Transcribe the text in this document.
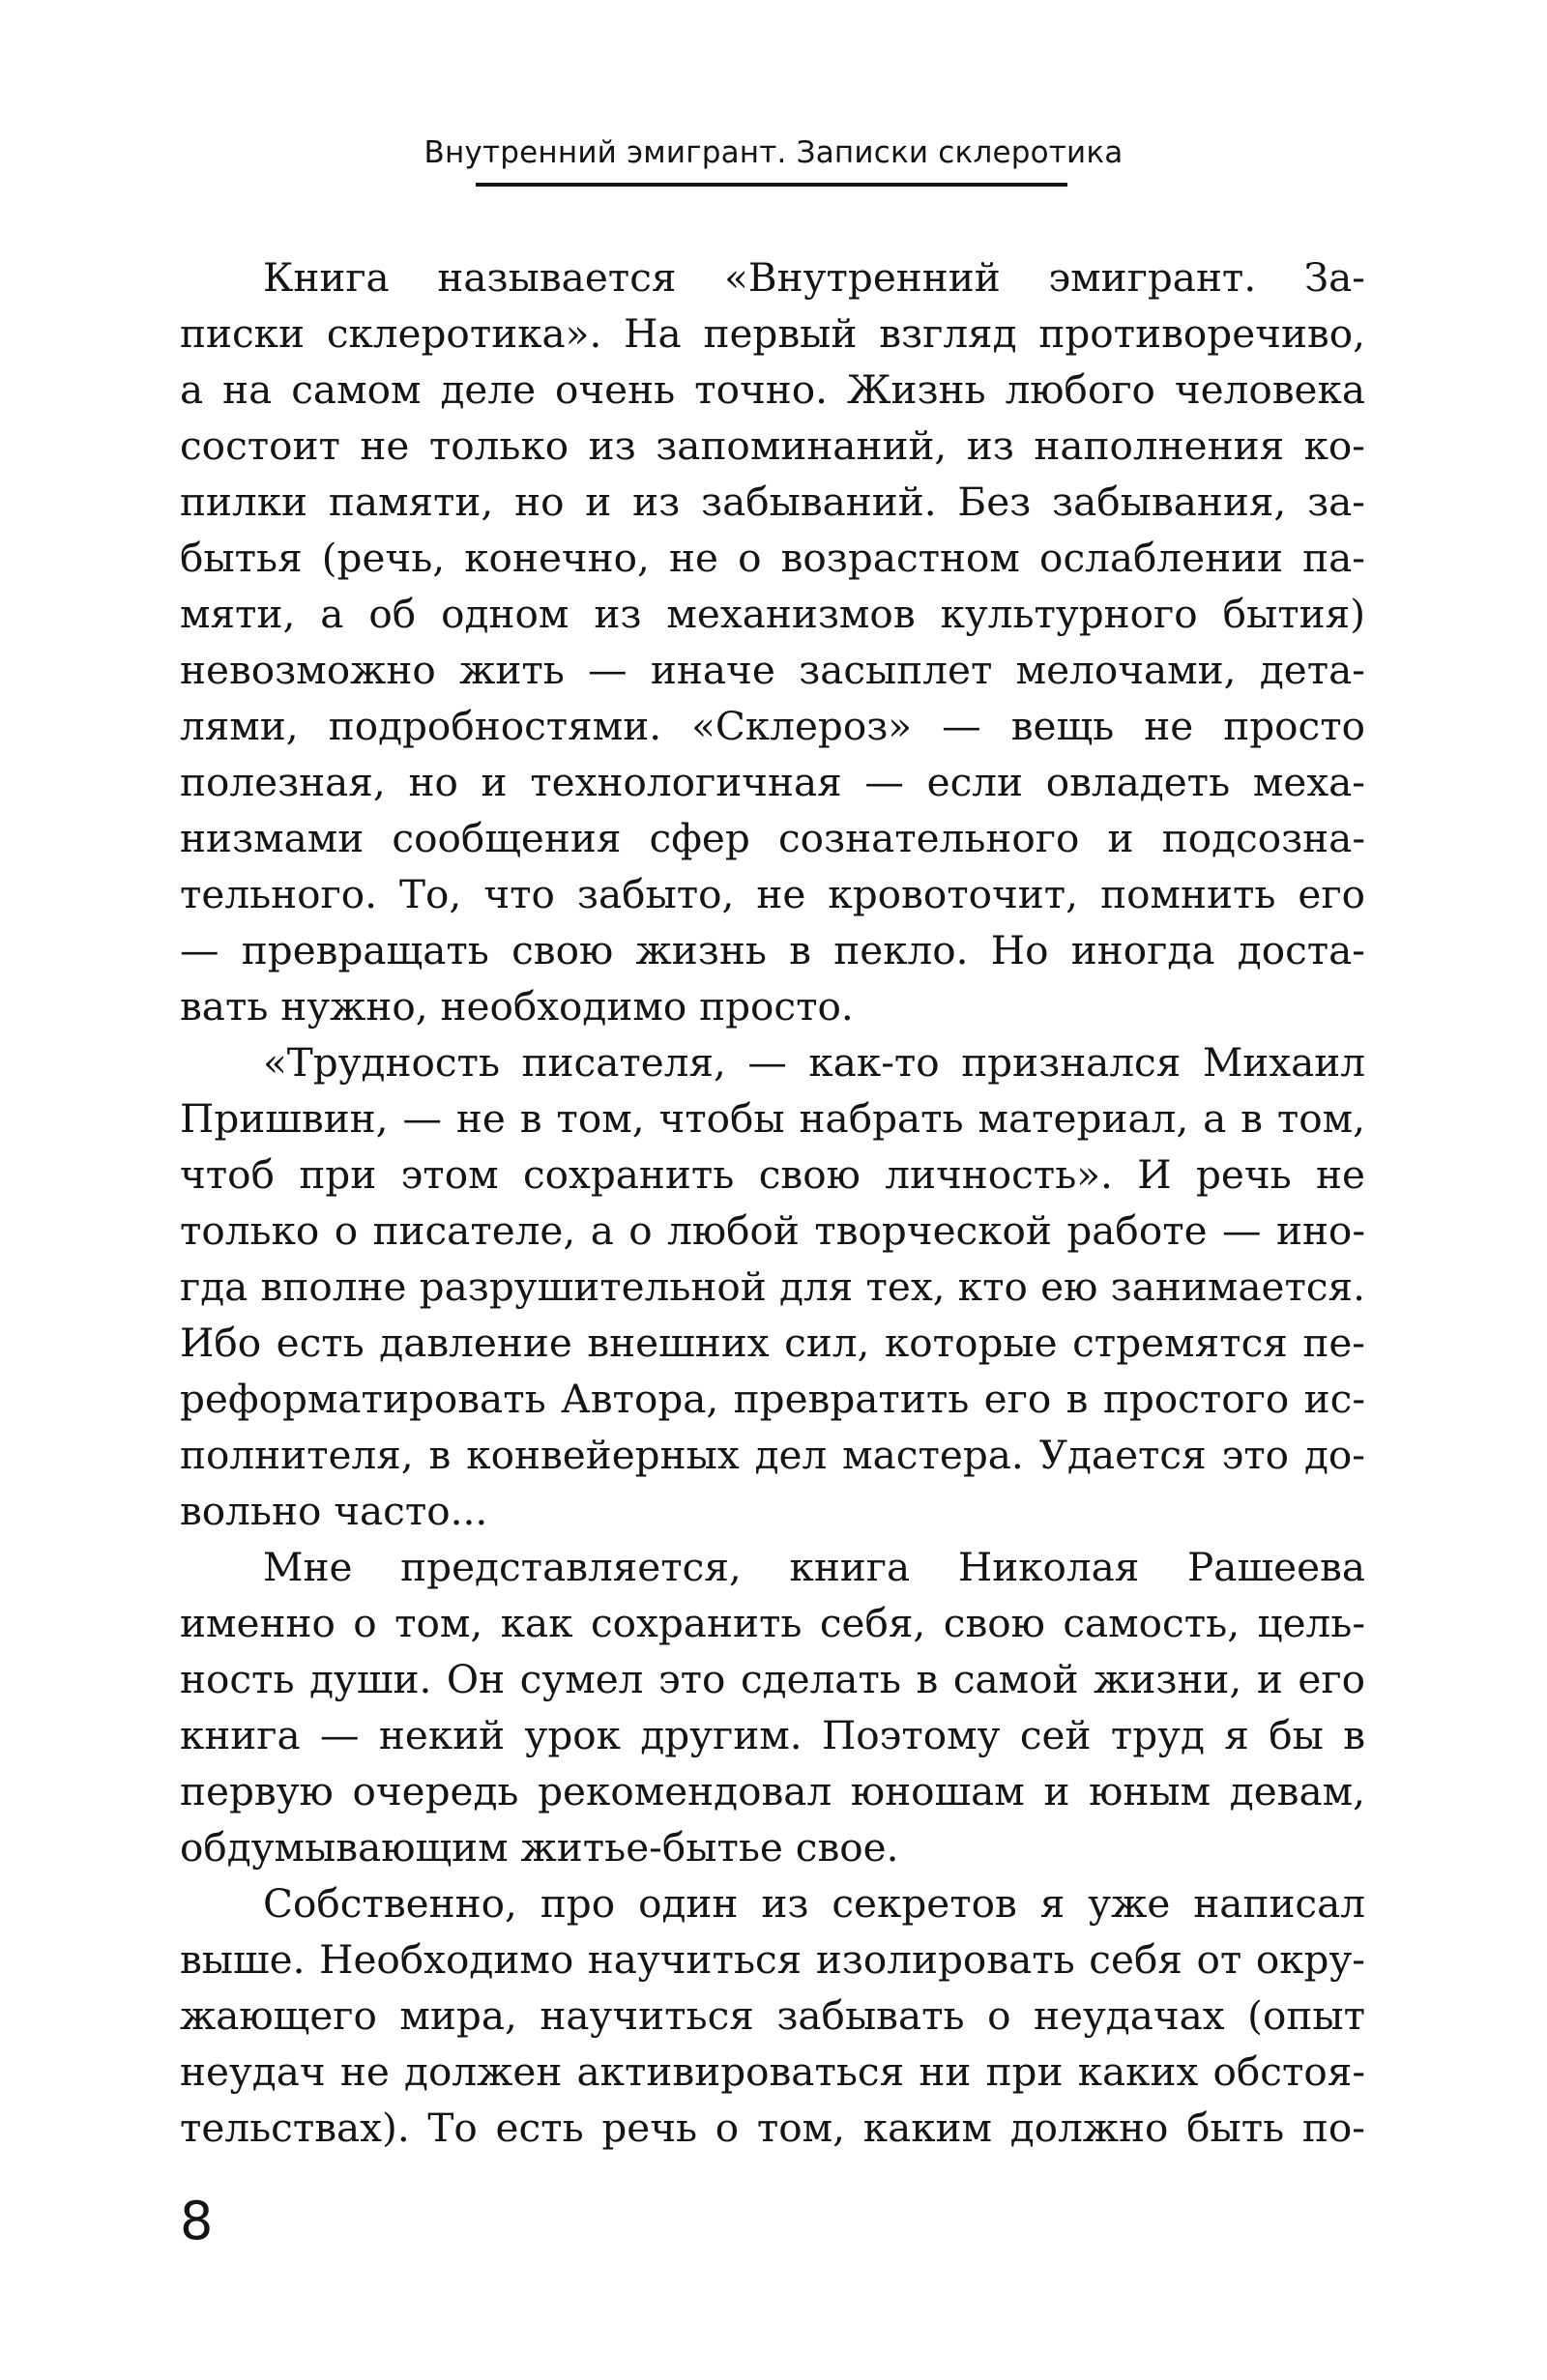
Внутренний эмигрант. Записки склеротика
Книга называется «Внутренний эмигрант. За-
писки склеротика». На первый взгляд противоречиво,
а на самом деле очень точно. Жизнь любого человека
состоит не только из запоминаний, из наполнения ко-
пилки памяти, но и из забываний. Без забывания, за-
бытья (речь, конечно, не о возрастном ослаблении па-
мяти, а об одном из механизмов культурного бытия)
невозможно жить — иначе засыплет мелочами, дета-
лями, подробностями. «Склероз» — вещь не просто
полезная, но и технологичная — если овладеть меха-
низмами сообщения сфер сознательного и подсозна-
тельного. То, что забыто, не кровоточит, помнить его
— превращать свою жизнь в пекло. Но иногда доста-
вать нужно, необходимо просто.
«Трудность писателя, — как-то признался Михаил
Пришвин, — не в том, чтобы набрать материал, а в том,
чтоб при этом сохранить свою личность». И речь не
только о писателе, а о любой творческой работе — ино-
гда вполне разрушительной для тех, кто ею занимается.
Ибо есть давление внешних сил, которые стремятся пе-
реформатировать Автора, превратить его в простого ис-
полнителя, в конвейерных дел мастера. Удается это до-
вольно часто...
Мне представляется, книга Николая Рашеева
именно о том, как сохранить себя, свою самость, цель-
ность души. Он сумел это сделать в самой жизни, и его
книга — некий урок другим. Поэтому сей труд я бы в
первую очередь рекомендовал юношам и юным девам,
обдумывающим житье-бытье свое.
Собственно, про один из секретов я уже написал
выше. Необходимо научиться изолировать себя от окру-
жающего мира, научиться забывать о неудачах (опыт
неудач не должен активироваться ни при каких обстоя-
тельствах). То есть речь о том, каким должно быть по-
8
